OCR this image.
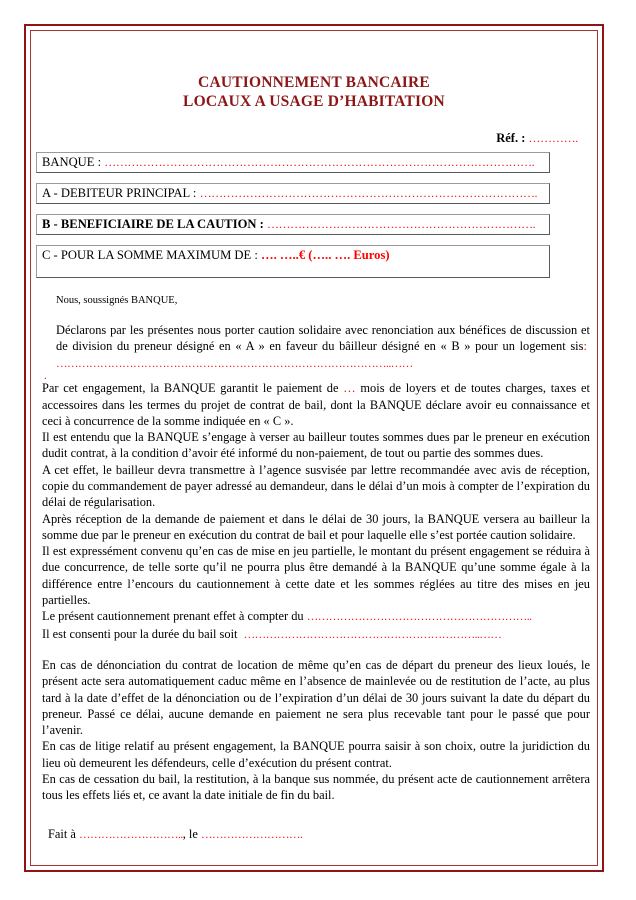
CAUTIONNEMENT BANCAIRE
LOCAUX A USAGE D’HABITATION
Réf. : ………….
BANQUE : ………………………………………………………………………………………………….
A - DEBITEUR PRINCIPAL : …………………………………………………………………………….
B - BENEFICIAIRE DE LA CAUTION : …………………………………………………………….
C - POUR LA SOMME MAXIMUM DE : …. …..€ (….. …. Euros)

Nous, soussignés BANQUE,

Déclarons par les présentes nous porter caution solidaire avec renonciation aux bénéfices de discussion et de division du preneur désigné en « A » en faveur du bâilleur désigné en « B » pour un logement sis:  ………………………………………………………………………………..……

.

Par cet engagement, la BANQUE garantit le paiement de … mois de loyers et de toutes charges, taxes et accessoires dans les termes du projet de contrat de bail, dont la BANQUE déclare avoir eu connaissance et ceci à concurrence de la somme indiquée en « C ».

Il est entendu que la BANQUE s’engage à verser au bailleur toutes sommes dues par le preneur en exécution dudit contrat, à la condition d’avoir été informé du non-paiement, de tout ou partie des sommes dues.

A cet effet, le bailleur devra transmettre à l’agence susvisée par lettre recommandée avec avis de réception, copie du commandement de payer adressé au demandeur, dans le délai d’un mois à compter de l’expiration du délai de régularisation.

Après réception de la demande de paiement et dans le délai de 30 jours, la BANQUE versera au bailleur la somme due par le preneur en exécution du contrat de bail et pour laquelle elle s’est portée caution solidaire.

Il est expressément convenu qu’en cas de mise en jeu partielle, le montant du présent engagement se réduira à due concurrence, de telle sorte qu’il ne pourra plus être demandé à la BANQUE qu’une somme égale à la différence entre l’encours du cautionnement à cette date et les sommes réglées au titre des mises en jeu partielles.

Le présent cautionnement prenant effet à compter du ……………………………………………………..

Il est consenti pour la durée du bail soit ………………………………………………………..……

En cas de dénonciation du contrat de location de même qu’en cas de départ du preneur des lieux loués, le présent acte sera automatiquement caduc même en l’absence de mainlevée ou de restitution de l’acte, au plus tard à la date d’effet de la dénonciation ou de l’expiration d’un délai de 30 jours suivant la date du départ du preneur. Passé ce délai, aucune demande en paiement ne sera plus recevable tant pour le passé que pour l’avenir.

En cas de litige relatif au présent engagement, la BANQUE pourra saisir à son choix, outre la juridiction du lieu où demeurent les défendeurs, celle d’exécution du présent contrat.

En cas de cessation du bail, la restitution, à la banque sus nommée, du présent acte de cautionnement arrêtera tous les effets liés et, ce avant la date initiale de fin du bail.

Fait à ……………………….., le ……………………….
